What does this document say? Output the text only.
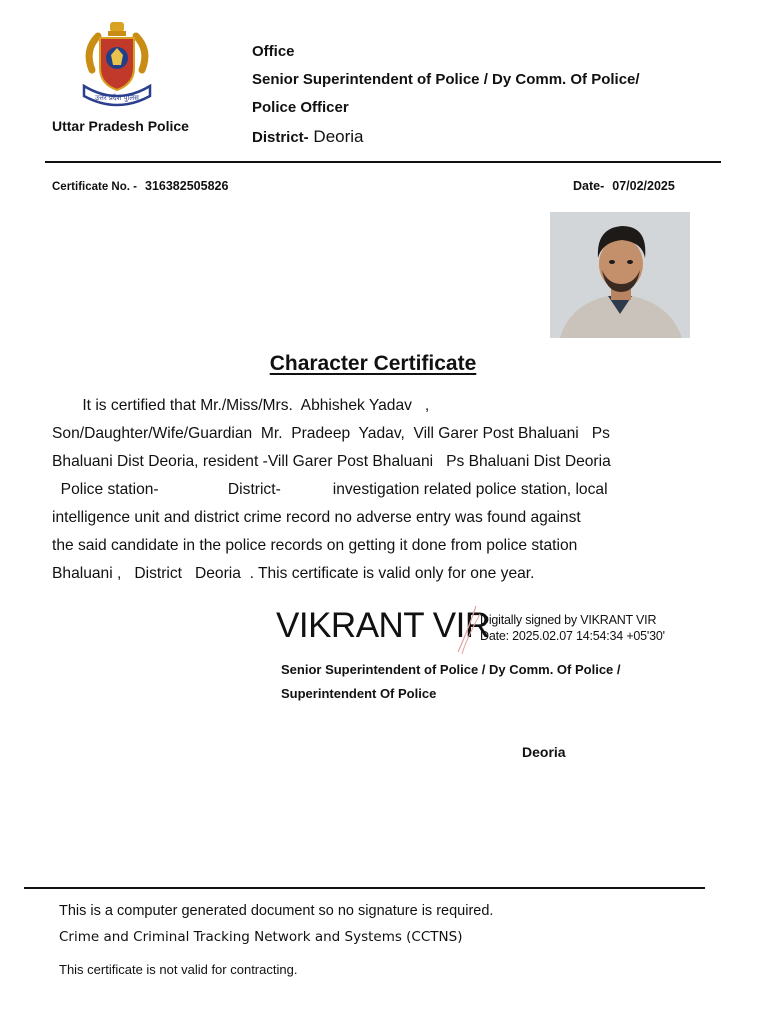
उत्तर प्रदेश पुलिस
Uttar Pradesh Police
Office
Senior Superintendent of Police / Dy Comm. Of Police/
Police Officer
District- Deoria
Certificate No. - 316382505826	Date- 07/02/2025
Character Certificate
It is certified that Mr./Miss/Mrs.  Abhishek Yadav   ,
Son/Daughter/Wife/Guardian  Mr.  Pradeep  Yadav,  Vill Garer Post Bhaluani   Ps
Bhaluani Dist Deoria, resident -Vill Garer Post Bhaluani   Ps Bhaluani Dist Deoria
Police station-                District-            investigation related police station, local
intelligence unit and district crime record no adverse entry was found against
the said candidate in the police records on getting it done from police station
Bhaluani ,   District   Deoria  . This certificate is valid only for one year.
VIKRANT VIR
Digitally signed by VIKRANT VIR
Date: 2025.02.07 14:54:34 +05'30'
Senior Superintendent of Police / Dy Comm. Of Police /
Superintendent Of Police
Deoria
This is a computer generated document so no signature is required.
Crime and Criminal Tracking Network and Systems (CCTNS)
This certificate is not valid for contracting.
